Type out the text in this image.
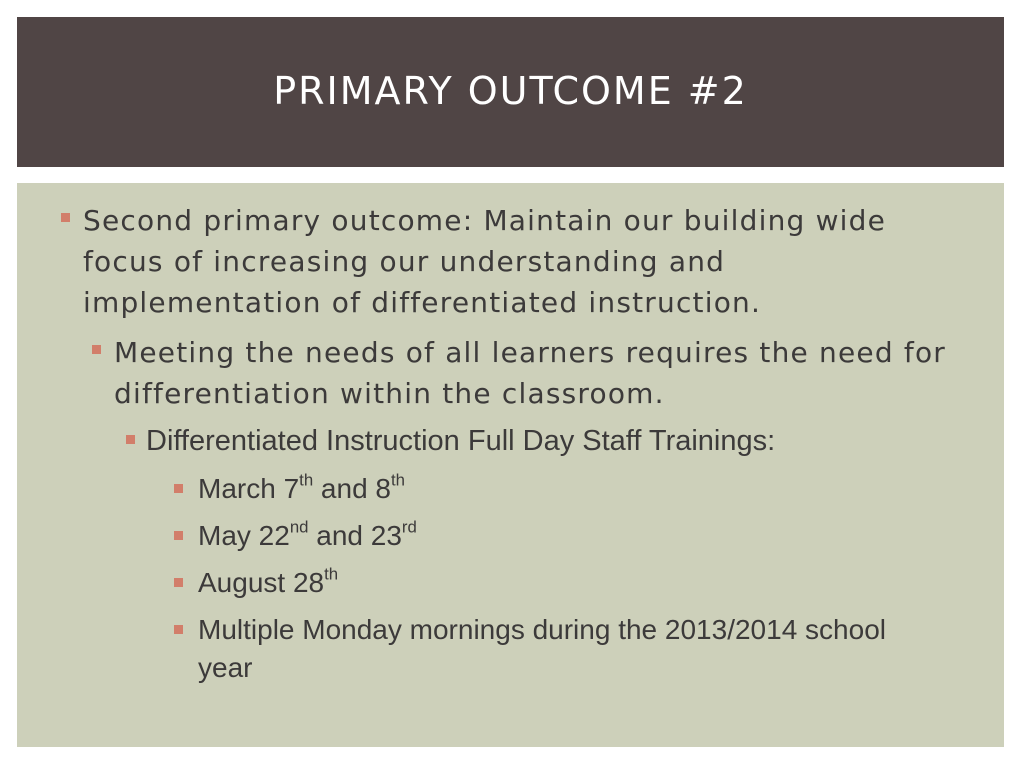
PRIMARY OUTCOME #2
Second primary outcome: Maintain our building wide focus of increasing our understanding and implementation of differentiated instruction.
Meeting the needs of all learners requires the need for differentiation within the classroom.
Differentiated Instruction Full Day Staff Trainings:
March 7th and 8th
May 22nd and 23rd
August 28th
Multiple Monday mornings during the 2013/2014 school year
